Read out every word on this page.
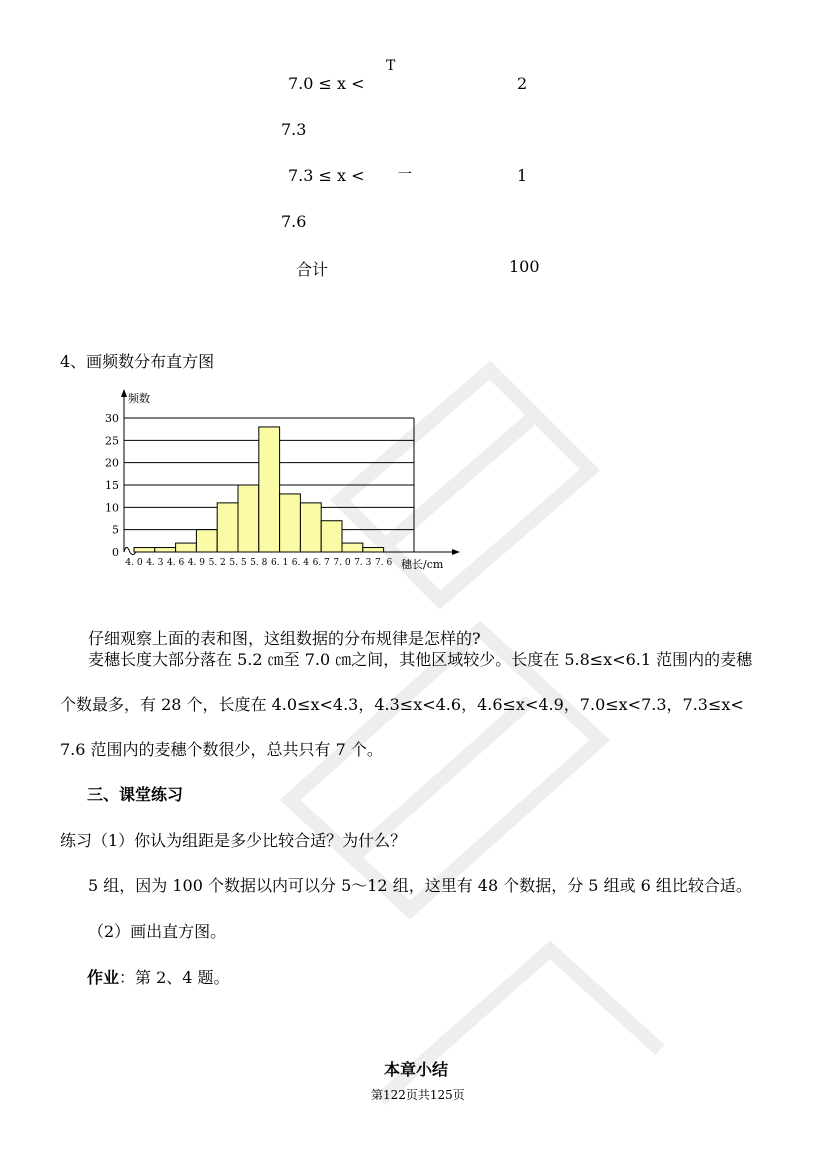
7.0 ≤ x <
T
2
7.3
7.3 ≤ x < 一	1
7.6
合计	100
4、画频数分布直方图
0
5
10
15
20
25
30
4. 0 4. 3 4. 6 4. 9 5. 2 5. 5 5. 8 6. 1 6. 4 6. 7 7. 0 7. 3 7. 6
频数
穗长/cm
仔细观察上面的表和图，这组数据的分布规律是怎样的?
麦穗长度大部分落在 5.2 ㎝至 7.0 ㎝之间，其他区域较少。长度在 5.8≤x<6.1 范围内的麦穗
个数最多，有 28 个，长度在 4.0≤x<4.3，4.3≤x<4.6，4.6≤x<4.9，7.0≤x<7.3，7.3≤x<
7.6 范围内的麦穗个数很少，总共只有 7 个。
三、课堂练习
练习（1）你认为组距是多少比较合适？为什么？
5 组，因为 100 个数据以内可以分 5～12 组，这里有 48 个数据，分 5 组或 6 组比较合适。
（2）画出直方图。
作业：第 2、4 题。
本章小结
第122页共125页
